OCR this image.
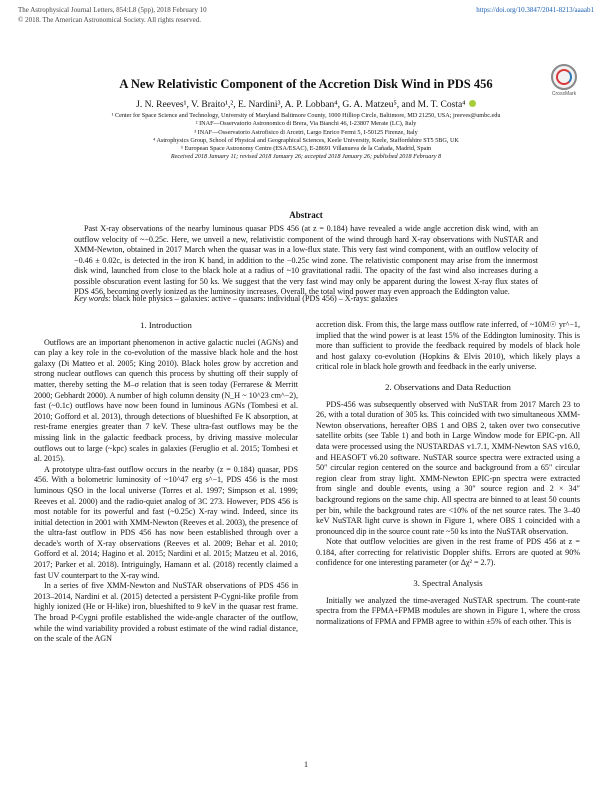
The Astrophysical Journal Letters, 854:L8 (5pp), 2018 February 10
© 2018. The American Astronomical Society. All rights reserved.
https://doi.org/10.3847/2041-8213/aaaab1
CrossMark
A New Relativistic Component of the Accretion Disk Wind in PDS 456
J. N. Reeves¹, V. Braito¹,², E. Nardini³, A. P. Lobban⁴, G. A. Matzeu⁵, and M. T. Costa⁴
¹ Center for Space Science and Technology, University of Maryland Baltimore County, 1000 Hilltop Circle, Baltimore, MD 21250, USA; jreeves@umbc.edu
² INAF—Osservatorio Astronomico di Brera, Via Bianchi 46, I-23807 Merate (LC), Italy
³ INAF—Osservatorio Astrofisico di Arcetri, Largo Enrico Fermi 5, I-50125 Firenze, Italy
⁴ Astrophysics Group, School of Physical and Geographical Sciences, Keele University, Keele, Staffordshire ST5 5BG, UK
⁵ European Space Astronomy Centre (ESA/ESAC), E-28691 Villanueva de la Cañada, Madrid, Spain
Received 2018 January 11; revised 2018 January 26; accepted 2018 January 26; published 2018 February 8
Abstract

Past X-ray observations of the nearby luminous quasar PDS 456 (at z = 0.184) have revealed a wide angle accretion disk wind, with an outflow velocity of ~−0.25c. Here, we unveil a new, relativistic component of the wind through hard X-ray observations with NuSTAR and XMM-Newton, obtained in 2017 March when the quasar was in a low-flux state. This very fast wind component, with an outflow velocity of −0.46 ± 0.02c, is detected in the iron K band, in addition to the −0.25c wind zone. The relativistic component may arise from the innermost disk wind, launched from close to the black hole at a radius of ~10 gravitational radii. The opacity of the fast wind also increases during a possible obscuration event lasting for 50 ks. We suggest that the very fast wind may only be apparent during the lowest X-ray flux states of PDS 456, becoming overly ionized as the luminosity increases. Overall, the total wind power may even approach the Eddington value.

Key words: black hole physics – galaxies: active – quasars: individual (PDS 456) – X-rays: galaxies
1. Introduction

Outflows are an important phenomenon in active galactic nuclei (AGNs) and can play a key role in the co-evolution of the massive black hole and the host galaxy (Di Matteo et al. 2005; King 2010). Black holes grow by accretion and strong nuclear outflows can quench this process by shutting off their supply of matter, thereby setting the M–σ relation that is seen today (Ferrarese & Merritt 2000; Gebhardt 2000). A number of high column density (N_H ~ 10^23 cm^−2), fast (~0.1c) outflows have now been found in luminous AGNs (Tombesi et al. 2010; Gofford et al. 2013), through detections of blueshifted Fe K absorption, at rest-frame energies greater than 7 keV. These ultra-fast outflows may be the missing link in the galactic feedback process, by driving massive molecular outflows out to large (~kpc) scales in galaxies (Feruglio et al. 2015; Tombesi et al. 2015).

A prototype ultra-fast outflow occurs in the nearby (z = 0.184) quasar, PDS 456. With a bolometric luminosity of ~10^47 erg s^−1, PDS 456 is the most luminous QSO in the local universe (Torres et al. 1997; Simpson et al. 1999; Reeves et al. 2000) and the radio-quiet analog of 3C 273. However, PDS 456 is most notable for its powerful and fast (~0.25c) X-ray wind. Indeed, since its initial detection in 2001 with XMM-Newton (Reeves et al. 2003), the presence of the ultra-fast outflow in PDS 456 has now been established through over a decade's worth of X-ray observations (Reeves et al. 2009; Behar et al. 2010; Gofford et al. 2014; Hagino et al. 2015; Nardini et al. 2015; Matzeu et al. 2016, 2017; Parker et al. 2018). Intriguingly, Hamann et al. (2018) recently claimed a fast UV counterpart to the X-ray wind.

In a series of five XMM-Newton and NuSTAR observations of PDS 456 in 2013–2014, Nardini et al. (2015) detected a persistent P-Cygni-like profile from highly ionized (He or H-like) iron, blueshifted to 9 keV in the quasar rest frame. The broad P-Cygni profile established the wide-angle character of the outflow, while the wind variability provided a robust estimate of the wind radial distance, on the scale of the AGN

accretion disk. From this, the large mass outflow rate inferred, of ~10M☉ yr^−1, implied that the wind power is at least 15% of the Eddington luminosity. This is more than sufficient to provide the feedback required by models of black hole and host galaxy co-evolution (Hopkins & Elvis 2010), which likely plays a critical role in black hole growth and feedback in the early universe.

2. Observations and Data Reduction

PDS-456 was subsequently observed with NuSTAR from 2017 March 23 to 26, with a total duration of 305 ks. This coincided with two simultaneous XMM-Newton observations, hereafter OBS 1 and OBS 2, taken over two consecutive satellite orbits (see Table 1) and both in Large Window mode for EPIC-pn. All data were processed using the NUSTARDAS v1.7.1, XMM-Newton SAS v16.0, and HEASOFT v6.20 software. NuSTAR source spectra were extracted using a 50″ circular region centered on the source and background from a 65″ circular region clear from stray light. XMM-Newton EPIC-pn spectra were extracted from single and double events, using a 30″ source region and 2 × 34″ background regions on the same chip. All spectra are binned to at least 50 counts per bin, while the background rates are <10% of the net source rates. The 3–40 keV NuSTAR light curve is shown in Figure 1, where OBS 1 coincided with a pronounced dip in the source count rate ~50 ks into the NuSTAR observation.

Note that outflow velocities are given in the rest frame of PDS 456 at z = 0.184, after correcting for relativistic Doppler shifts. Errors are quoted at 90% confidence for one interesting parameter (or Δχ² = 2.7).

3. Spectral Analysis

Initially we analyzed the time-averaged NuSTAR spectrum. The count-rate spectra from the FPMA+FPMB modules are shown in Figure 1, where the cross normalizations of FPMA and FPMB agree to within ±5% of each other. This is

1
